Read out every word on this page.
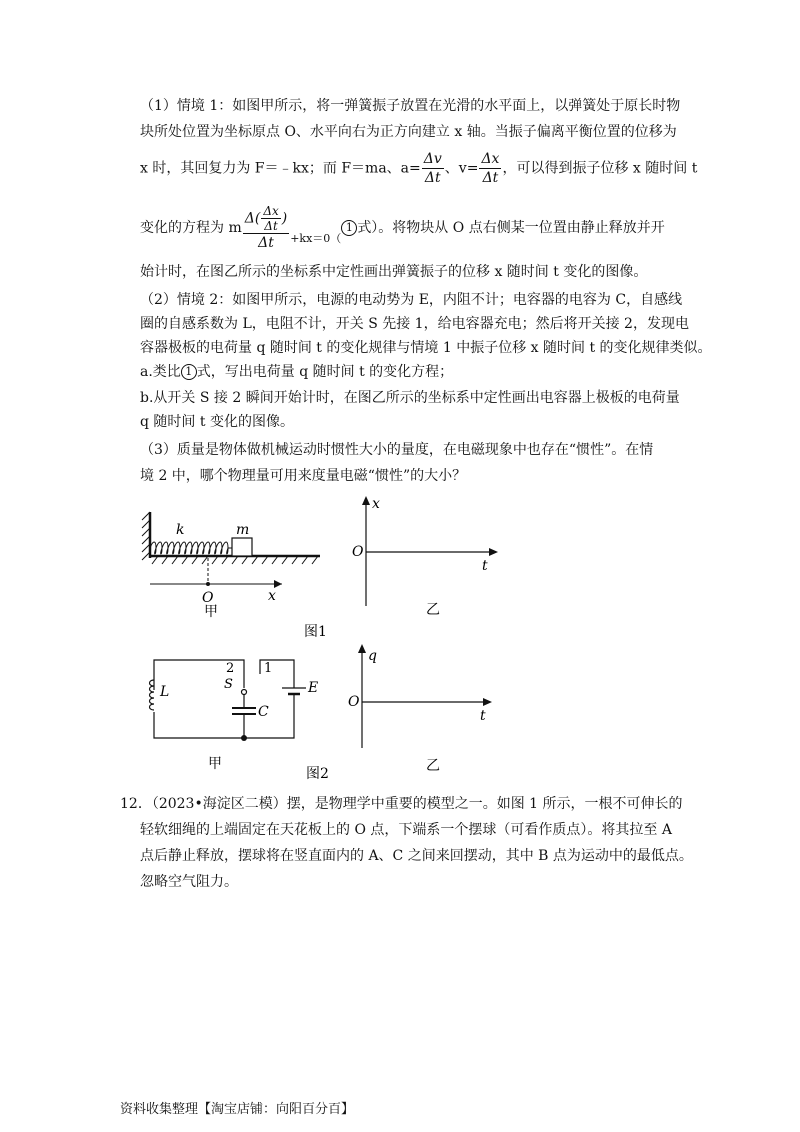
（1）情境 1：如图甲所示，将一弹簧振子放置在光滑的水平面上，以弹簧处于原长时物
块所处位置为坐标原点 O、水平向右为正方向建立 x 轴。当振子偏离平衡位置的位移为
x 时，其回复力为 F＝﹣kx；而 F＝ma、$a= \frac{\Delta v}{\Delta t}$ 、$v= \frac{\Delta x}{\Delta t}$ ，可以得到振子位移 x 随时间 t
变化的方程为 m $\frac{\Delta( \frac{\Delta x}{\Delta t} )}{\Delta t} _{+kx=0(}1$ 式）。将物块从 O 点右侧某一位置由静止释放并开
始计时，在图乙所示的坐标系中定性画出弹簧振子的位移 x 随时间 t 变化的图像。
（2）情境 2：如图甲所示，电源的电动势为 E，内阻不计；电容器的电容为 C，自感线
圈的自感系数为 L，电阻不计，开关 S 先接 1，给电容器充电；然后将开关接 2，发现电
容器极板的电荷量 q 随时间 t 的变化规律与情境 1 中振子位移 x 随时间 t 的变化规律类似。
a.类比 1 式，写出电荷量 q 随时间 t 的变化方程；
b.从开关 S 接 2 瞬间开始计时，在图乙所示的坐标系中定性画出电容器上极板的电荷量
q 随时间 t 变化的图像。
（3）质量是物体做机械运动时惯性大小的量度，在电磁现象中也存在“惯性”。在情
境 2 中，哪个物理量可用来度量电磁“惯性”的大小？
k	m
O	x
甲
x
t
O
乙
图1
L
2
S
1
E
C
甲
q
t
O
乙
图2
12．（2023•海淀区二模）摆，是物理学中重要的模型之一。如图 1 所示，一根不可伸长的
轻软细绳的上端固定在天花板上的 O 点，下端系一个摆球（可看作质点）。将其拉至 A
点后静止释放，摆球将在竖直面内的 A、C 之间来回摆动，其中 B 点为运动中的最低点。
忽略空气阻力。
资料收集整理【淘宝店铺：向阳百分百】
